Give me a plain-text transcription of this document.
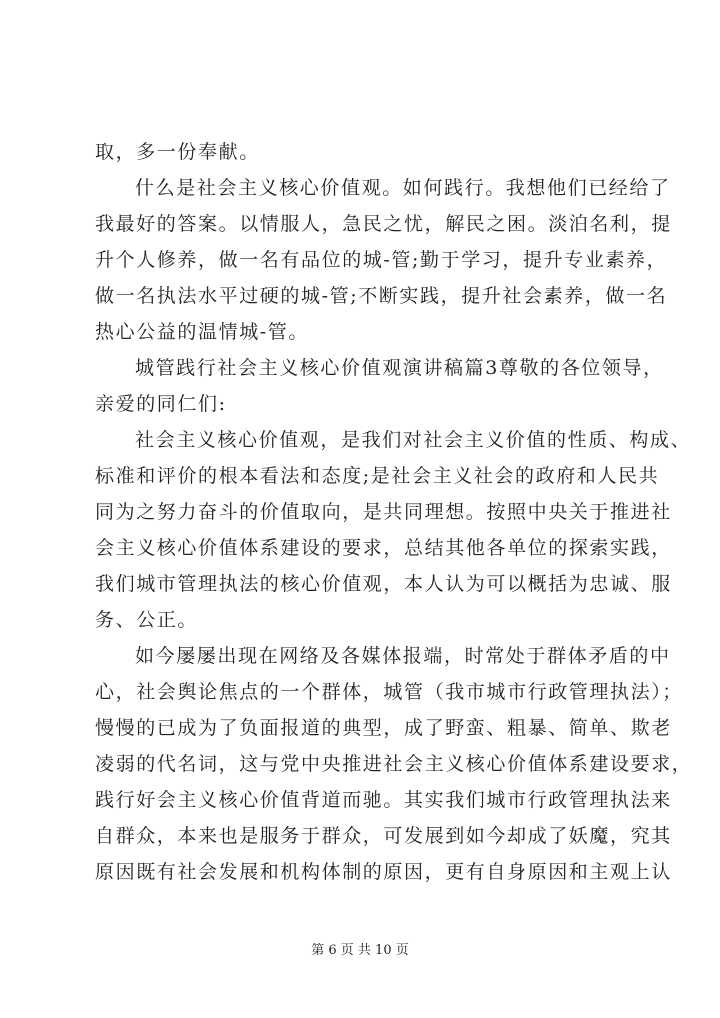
取，多一份奉献。
什么是社会主义核心价值观。如何践行。我想他们已经给了
我最好的答案。以情服人，急民之忧，解民之困。淡泊名利，提
升个人修养，做一名有品位的城-管;勤于学习，提升专业素养，
做一名执法水平过硬的城-管;不断实践，提升社会素养，做一名
热心公益的温情城-管。
城管践行社会主义核心价值观演讲稿篇3尊敬的各位领导，
亲爱的同仁们:
社会主义核心价值观，是我们对社会主义价值的性质、构成、
标准和评价的根本看法和态度;是社会主义社会的政府和人民共
同为之努力奋斗的价值取向，是共同理想。按照中央关于推进社
会主义核心价值体系建设的要求，总结其他各单位的探索实践，
我们城市管理执法的核心价值观，本人认为可以概括为忠诚、服
务、公正。
如今屡屡出现在网络及各媒体报端，时常处于群体矛盾的中
心，社会舆论焦点的一个群体，城管（我市城市行政管理执法）；
慢慢的已成为了负面报道的典型，成了野蛮、粗暴、简单、欺老
凌弱的代名词，这与党中央推进社会主义核心价值体系建设要求，
践行好会主义核心价值背道而驰。其实我们城市行政管理执法来
自群众，本来也是服务于群众，可发展到如今却成了妖魔，究其
原因既有社会发展和机构体制的原因，更有自身原因和主观上认
第 6 页 共 10 页
